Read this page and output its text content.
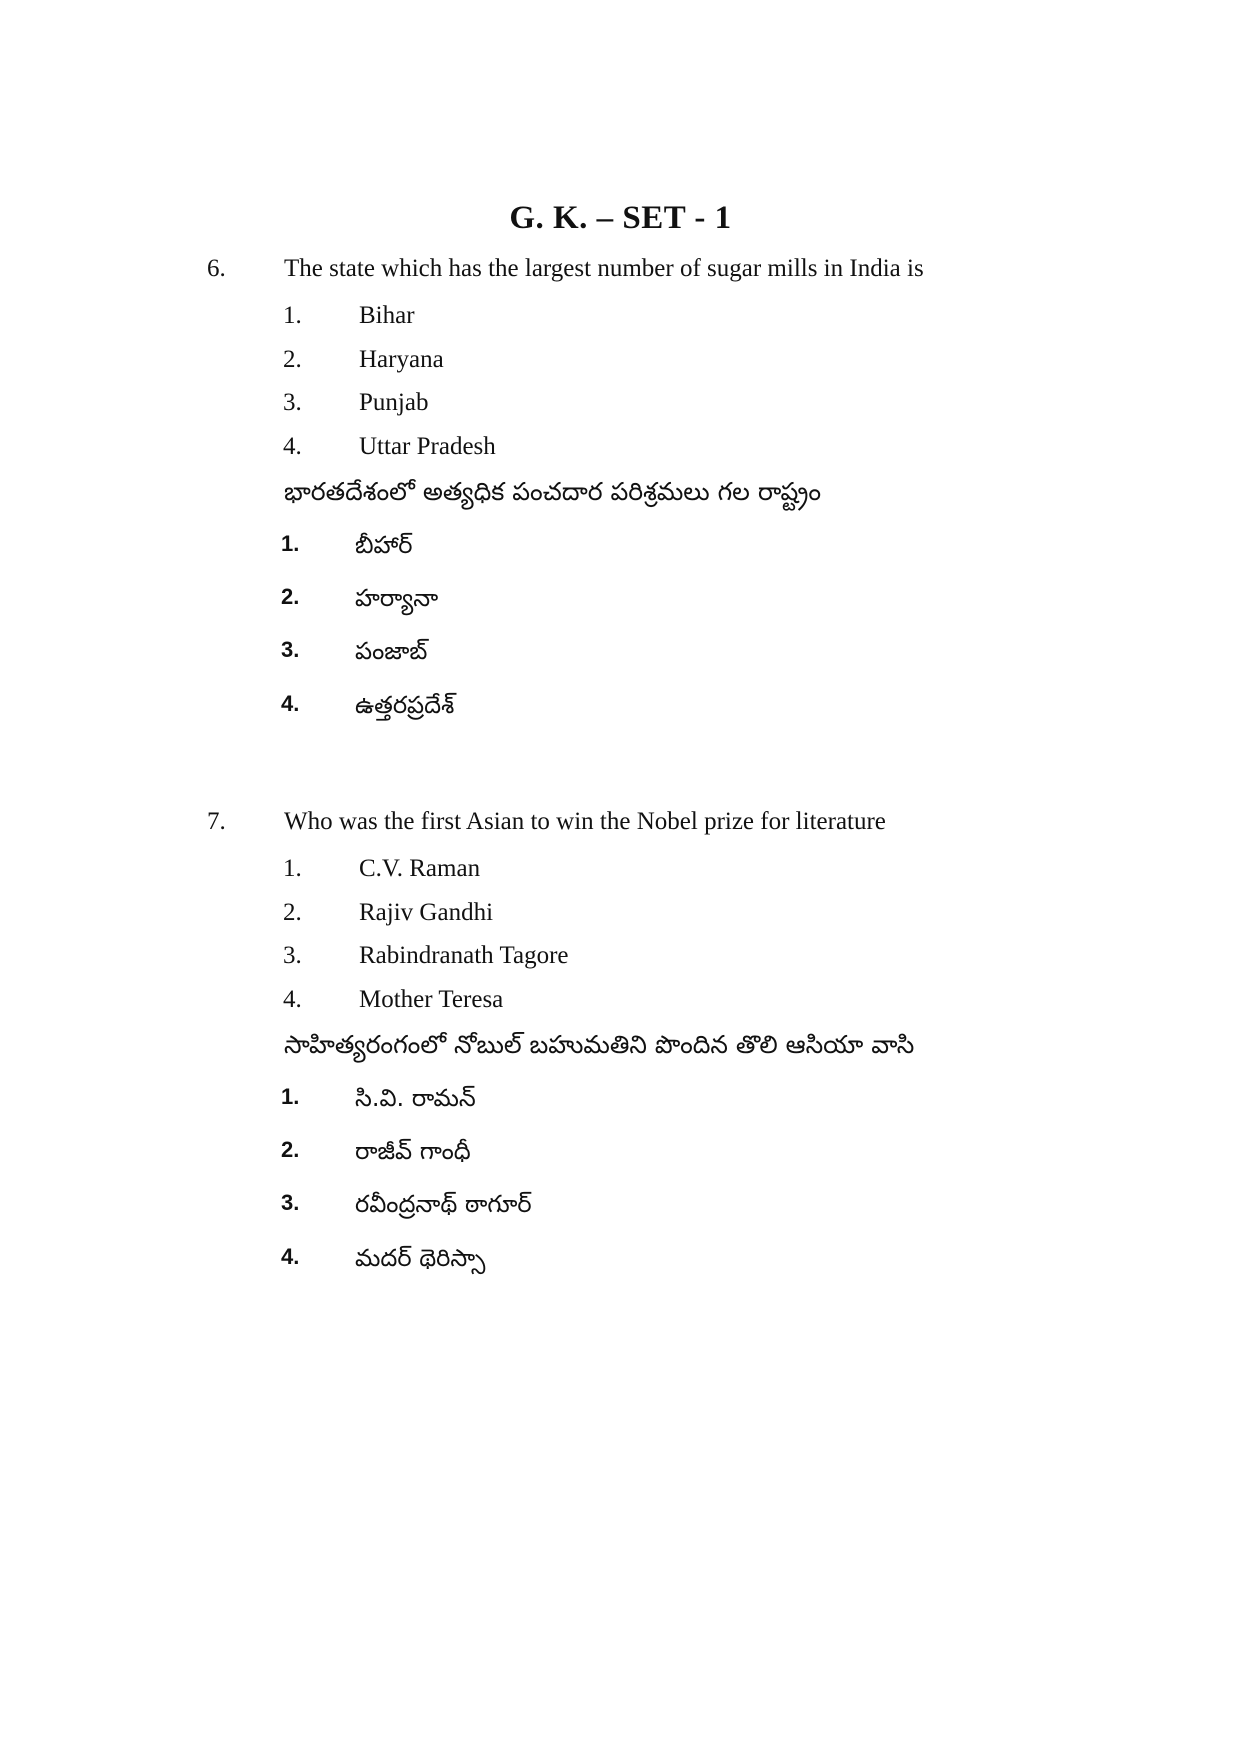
G. K. – SET - 1
6. The state which has the largest number of sugar mills in India is
1. Bihar
2. Haryana
3. Punjab
4. Uttar Pradesh
భారతదేశంలో అత్యధిక పంచదార పరిశ్రమలు గల రాష్ట్రం
1. బీహార్
2. హర్యానా
3. పంజాబ్
4. ఉత్తరప్రదేశ్
7. Who was the first Asian to win the Nobel prize for literature
1. C.V. Raman
2. Rajiv Gandhi
3. Rabindranath Tagore
4. Mother Teresa
సాహిత్యరంగంలో నోబుల్ బహుమతిని పొందిన తొలి ఆసియా వాసి
1. సి.వి. రామన్
2. రాజీవ్ గాంధీ
3. రవీంద్రనాథ్ ఠాగూర్
4. మదర్ థెరిస్సా
